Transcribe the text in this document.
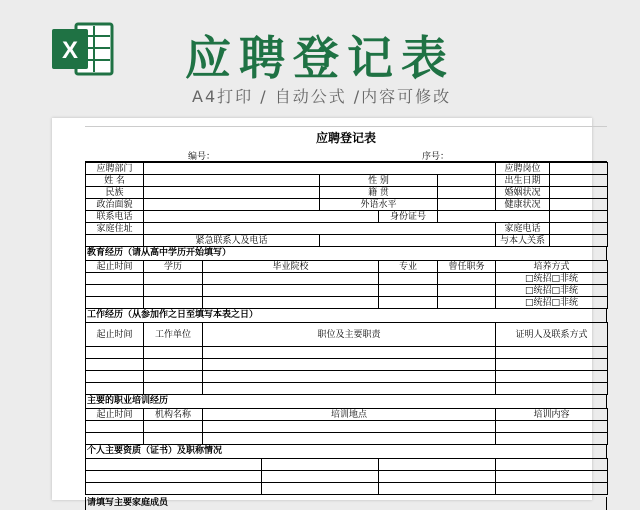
X 应聘登记表
A4打印 / 自动公式 /内容可修改
应聘登记表
编号：	序号：
应聘部门					应聘岗位	
姓 名		性 别			出生日期	
民族		籍 贯			婚姻状况	
政治面貌		外语水平			健康状况	
联系电话			身份证号			
家庭住址					家庭电话	
	紧急联系人及电话				与本人关系	
教育经历（请从高中学历开始填写）
起止时间	学历	毕业院校	专业	曾任职务	培养方式
					□统招□非统
					□统招□非统
					□统招□非统
工作经历（从参加作之日至填写本表之日）
起止时间	工作单位	职位及主要职责	证明人及联系方式

主要的职业培训经历
起止时间	机构名称	培训地点	培训内容

个人主要资质（证书）及职称情况

请填写主要家庭成员
